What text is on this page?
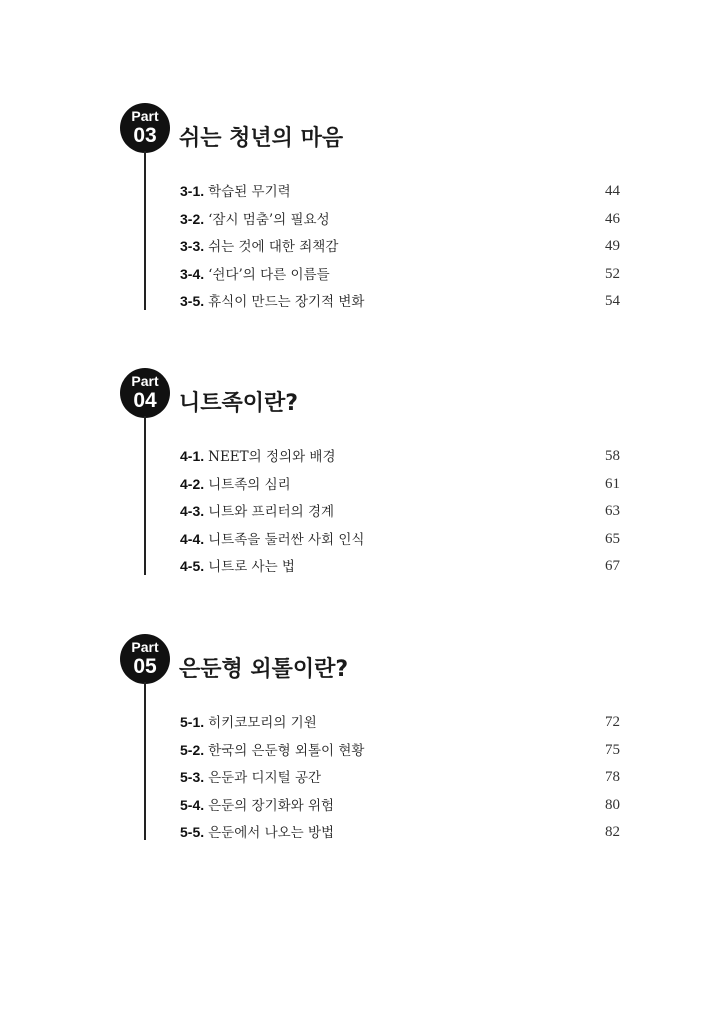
Part
03	쉬는 청년의 마음
3-1. 학습된 무기력	44
3-2. ‘잠시 멈춤’의 필요성	46
3-3. 쉬는 것에 대한 죄책감	49
3-4. ‘쉰다’의 다른 이름들	52
3-5. 휴식이 만드는 장기적 변화	54
Part
04	니트족이란?
4-1. NEET의 정의와 배경	58
4-2. 니트족의 심리	61
4-3. 니트와 프리터의 경계	63
4-4. 니트족을 둘러싼 사회 인식	65
4-5. 니트로 사는 법	67
Part
05	은둔형 외톨이란?
5-1. 히키코모리의 기원	72
5-2. 한국의 은둔형 외톨이 현황	75
5-3. 은둔과 디지털 공간	78
5-4. 은둔의 장기화와 위험	80
5-5. 은둔에서 나오는 방법	82
